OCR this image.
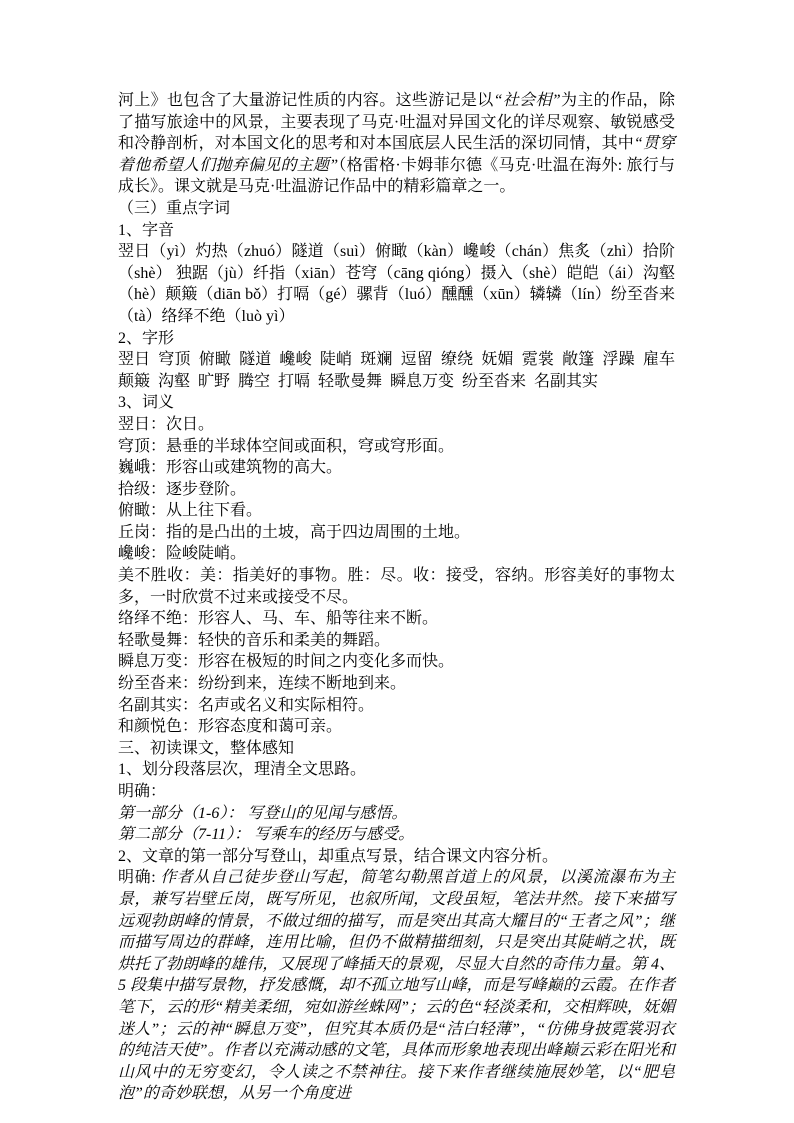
河上》也包含了大量游记性质的内容。这些游记是以“社会相”为主的作品，除了描写旅途中的风景，主要表现了马克·吐温对异国文化的详尽观察、敏锐感受和冷静剖析，对本国文化的思考和对本国底层人民生活的深切同情，其中“贯穿着他希望人们抛弃偏见的主题”（格雷格·卡姆菲尔德《马克·吐温在海外: 旅行与成长》。课文就是马克·吐温游记作品中的精彩篇章之一。

（三）重点字词

1、字音

翌日（yì）灼热（zhuó）隧道（suì）俯瞰（kàn）巉峻（chán）焦炙（zhì）拾阶（shè） 独踞（jù）纤指（xiān）苍穹（cāng qióng）摄入（shè）皑皑（ái）沟壑（hè）颠簸（diān bǒ）打嗝（gé）骡背（luó）醺醺（xūn）辚辚（lín）纷至沓来（tà）络绎不绝（luò yì）

2、字形

翌日  穹顶  俯瞰  隧道  巉峻  陡峭  斑斓  逗留  缭绕  妩媚  霓裳  敞篷  浮躁  雇车  颠簸  沟壑  旷野  腾空  打嗝  轻歌曼舞  瞬息万变  纷至沓来  名副其实

3、词义

翌日：次日。

穹顶：悬垂的半球体空间或面积，穹或穹形面。

巍峨：形容山或建筑物的高大。

拾级：逐步登阶。

俯瞰：从上往下看。

丘岗：指的是凸出的土坡，高于四边周围的土地。

巉峻：险峻陡峭。

美不胜收：美：指美好的事物。胜：尽。收：接受，容纳。形容美好的事物太多，一时欣赏不过来或接受不尽。

络绎不绝：形容人、马、车、船等往来不断。

轻歌曼舞：轻快的音乐和柔美的舞蹈。

瞬息万变：形容在极短的时间之内变化多而快。

纷至沓来：纷纷到来，连续不断地到来。

名副其实：名声或名义和实际相符。

和颜悦色：形容态度和蔼可亲。

三、初读课文，整体感知

1、划分段落层次，理清全文思路。

明确：

第一部分（1-6）： 写登山的见闻与感悟。

第二部分（7-11）： 写乘车的经历与感受。

2、文章的第一部分写登山，却重点写景，结合课文内容分析。

明确: 作者从自己徒步登山写起，简笔勾勒黑首道上的风景，以溪流瀑布为主景，兼写岩壁丘岗，既写所见，也叙所闻，文段虽短，笔法井然。接下来描写远观勃朗峰的情景，不做过细的描写，而是突出其高大耀目的“王者之风”；继而描写周边的群峰，连用比喻，但仍不做精描细刻，只是突出其陡峭之状，既烘托了勃朗峰的雄伟，又展现了峰插天的景观，尽显大自然的奇伟力量。第 4、5 段集中描写景物，抒发感慨，却不孤立地写山峰，而是写峰巅的云霞。在作者笔下，云的形“精美柔细，宛如游丝蛛网”；云的色“轻淡柔和，交相辉映，妩媚迷人”；云的神“瞬息万变”，但究其本质仍是“洁白轻薄”，“仿佛身披霓裳羽衣的纯洁天使”。作者以充满动感的文笔，具体而形象地表现出峰巅云彩在阳光和山风中的无穷变幻，令人读之不禁神往。接下来作者继续施展妙笔，以“肥皂泡”的奇妙联想，从另一个角度进
